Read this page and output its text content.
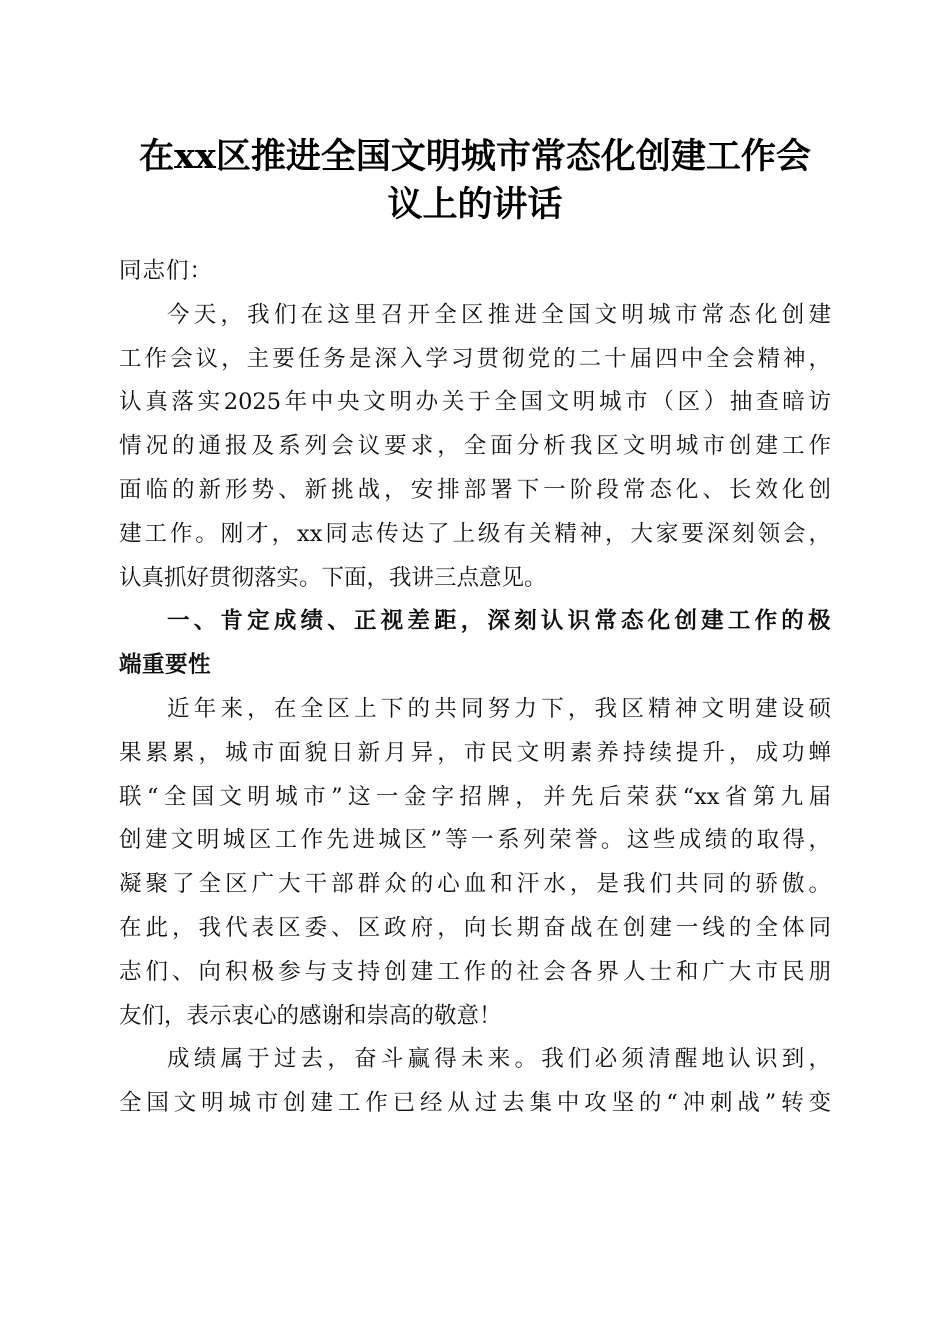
在xx区推进全国文明城市常态化创建工作会
议上的讲话
同志们：
今天，我们在这里召开全区推进全国文明城市常态化创建
工作会议，主要任务是深入学习贯彻党的二十届四中全会精神，
认真落实2025年中央文明办关于全国文明城市（区）抽查暗访
情况的通报及系列会议要求，全面分析我区文明城市创建工作
面临的新形势、新挑战，安排部署下一阶段常态化、长效化创
建工作。刚才，xx同志传达了上级有关精神，大家要深刻领会，
认真抓好贯彻落实。下面，我讲三点意见。
一、肯定成绩、正视差距，深刻认识常态化创建工作的极
端重要性
近年来，在全区上下的共同努力下，我区精神文明建设硕
果累累，城市面貌日新月异，市民文明素养持续提升，成功蝉
联“全国文明城市”这一金字招牌，并先后荣获“xx省第九届
创建文明城区工作先进城区”等一系列荣誉。这些成绩的取得，
凝聚了全区广大干部群众的心血和汗水，是我们共同的骄傲。
在此，我代表区委、区政府，向长期奋战在创建一线的全体同
志们、向积极参与支持创建工作的社会各界人士和广大市民朋
友们，表示衷心的感谢和崇高的敬意！
成绩属于过去，奋斗赢得未来。我们必须清醒地认识到，
全国文明城市创建工作已经从过去集中攻坚的“冲刺战”转变
